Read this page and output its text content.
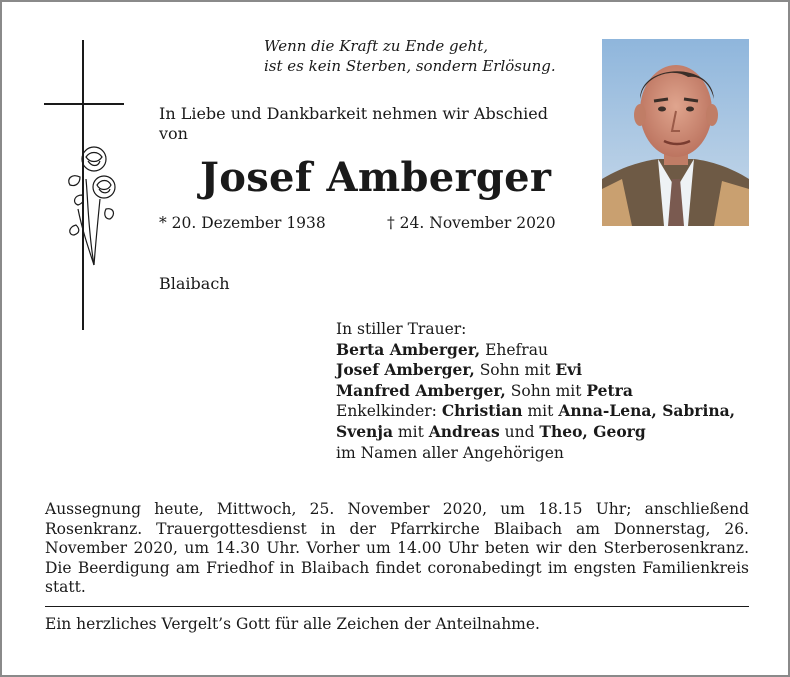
Wenn die Kraft zu Ende geht,
ist es kein Sterben, sondern Erlösung.
In Liebe und Dankbarkeit nehmen wir Abschied
von
Josef Amberger
* 20. Dezember 1938	† 24. November 2020
Blaibach
In stiller Trauer:
Berta Amberger, Ehefrau
Josef Amberger, Sohn mit Evi
Manfred Amberger, Sohn mit Petra
Enkelkinder: Christian mit Anna-Lena, Sabrina,
Svenja mit Andreas und Theo, Georg
im Namen aller Angehörigen
Aussegnung heute, Mittwoch, 25. November 2020, um 18.15 Uhr; anschließend Rosenkranz. Trauergottesdienst in der Pfarrkirche Blaibach am Donnerstag, 26. November 2020, um 14.30 Uhr. Vorher um 14.00 Uhr beten wir den Sterberosenkranz. Die Beerdigung am Friedhof in Blaibach findet coronabedingt im engsten Familienkreis statt.
Ein herzliches Vergelt’s Gott für alle Zeichen der Anteilnahme.
